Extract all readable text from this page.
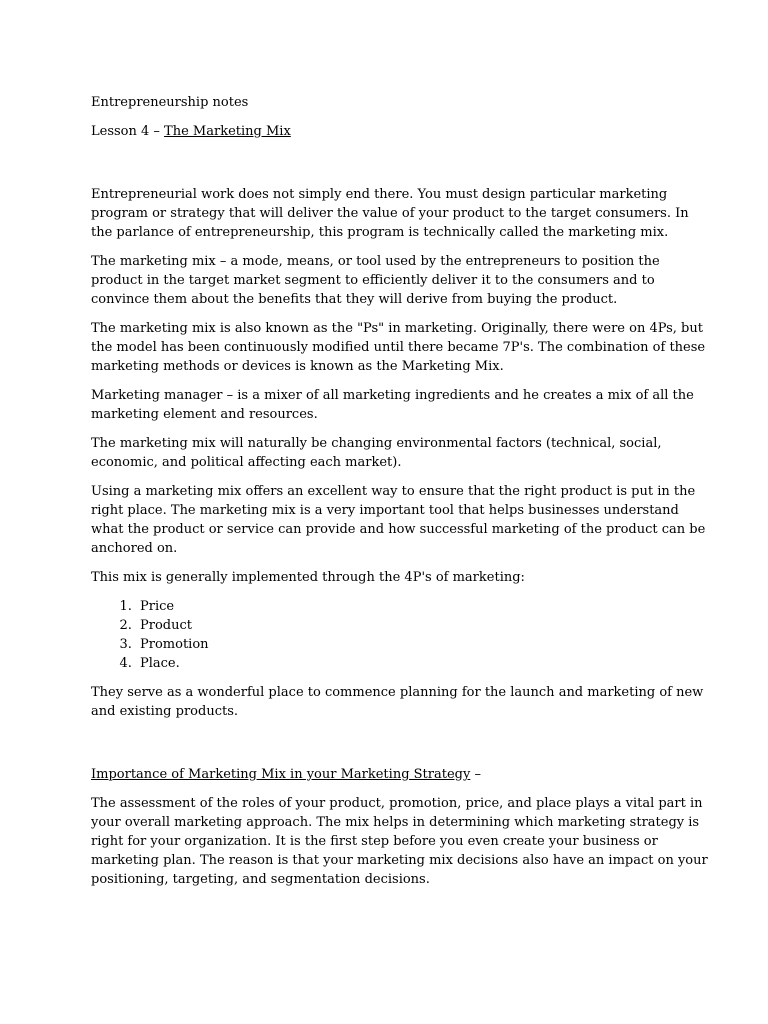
Entrepreneurship notes

Lesson 4 – The Marketing Mix

Entrepreneurial work does not simply end there. You must design particular marketing program or strategy that will deliver the value of your product to the target consumers. In the parlance of entrepreneurship, this program is technically called the marketing mix.

The marketing mix – a mode, means, or tool used by the entrepreneurs to position the product in the target market segment to efficiently deliver it to the consumers and to convince them about the benefits that they will derive from buying the product.

The marketing mix is also known as the "Ps" in marketing. Originally, there were on 4Ps, but the model has been continuously modified until there became 7P's. The combination of these marketing methods or devices is known as the Marketing Mix.

Marketing manager – is a mixer of all marketing ingredients and he creates a mix of all the marketing element and resources.

The marketing mix will naturally be changing environmental factors (technical, social, economic, and political affecting each market).

Using a marketing mix offers an excellent way to ensure that the right product is put in the right place. The marketing mix is a very important tool that helps businesses understand what the product or service can provide and how successful marketing of the product can be anchored on.

This mix is generally implemented through the 4P's of marketing:

1. Price
2. Product
3. Promotion
4. Place.

They serve as a wonderful place to commence planning for the launch and marketing of new and existing products.

Importance of Marketing Mix in your Marketing Strategy –

The assessment of the roles of your product, promotion, price, and place plays a vital part in your overall marketing approach. The mix helps in determining which marketing strategy is right for your organization. It is the first step before you even create your business or marketing plan. The reason is that your marketing mix decisions also have an impact on your positioning, targeting, and segmentation decisions.
